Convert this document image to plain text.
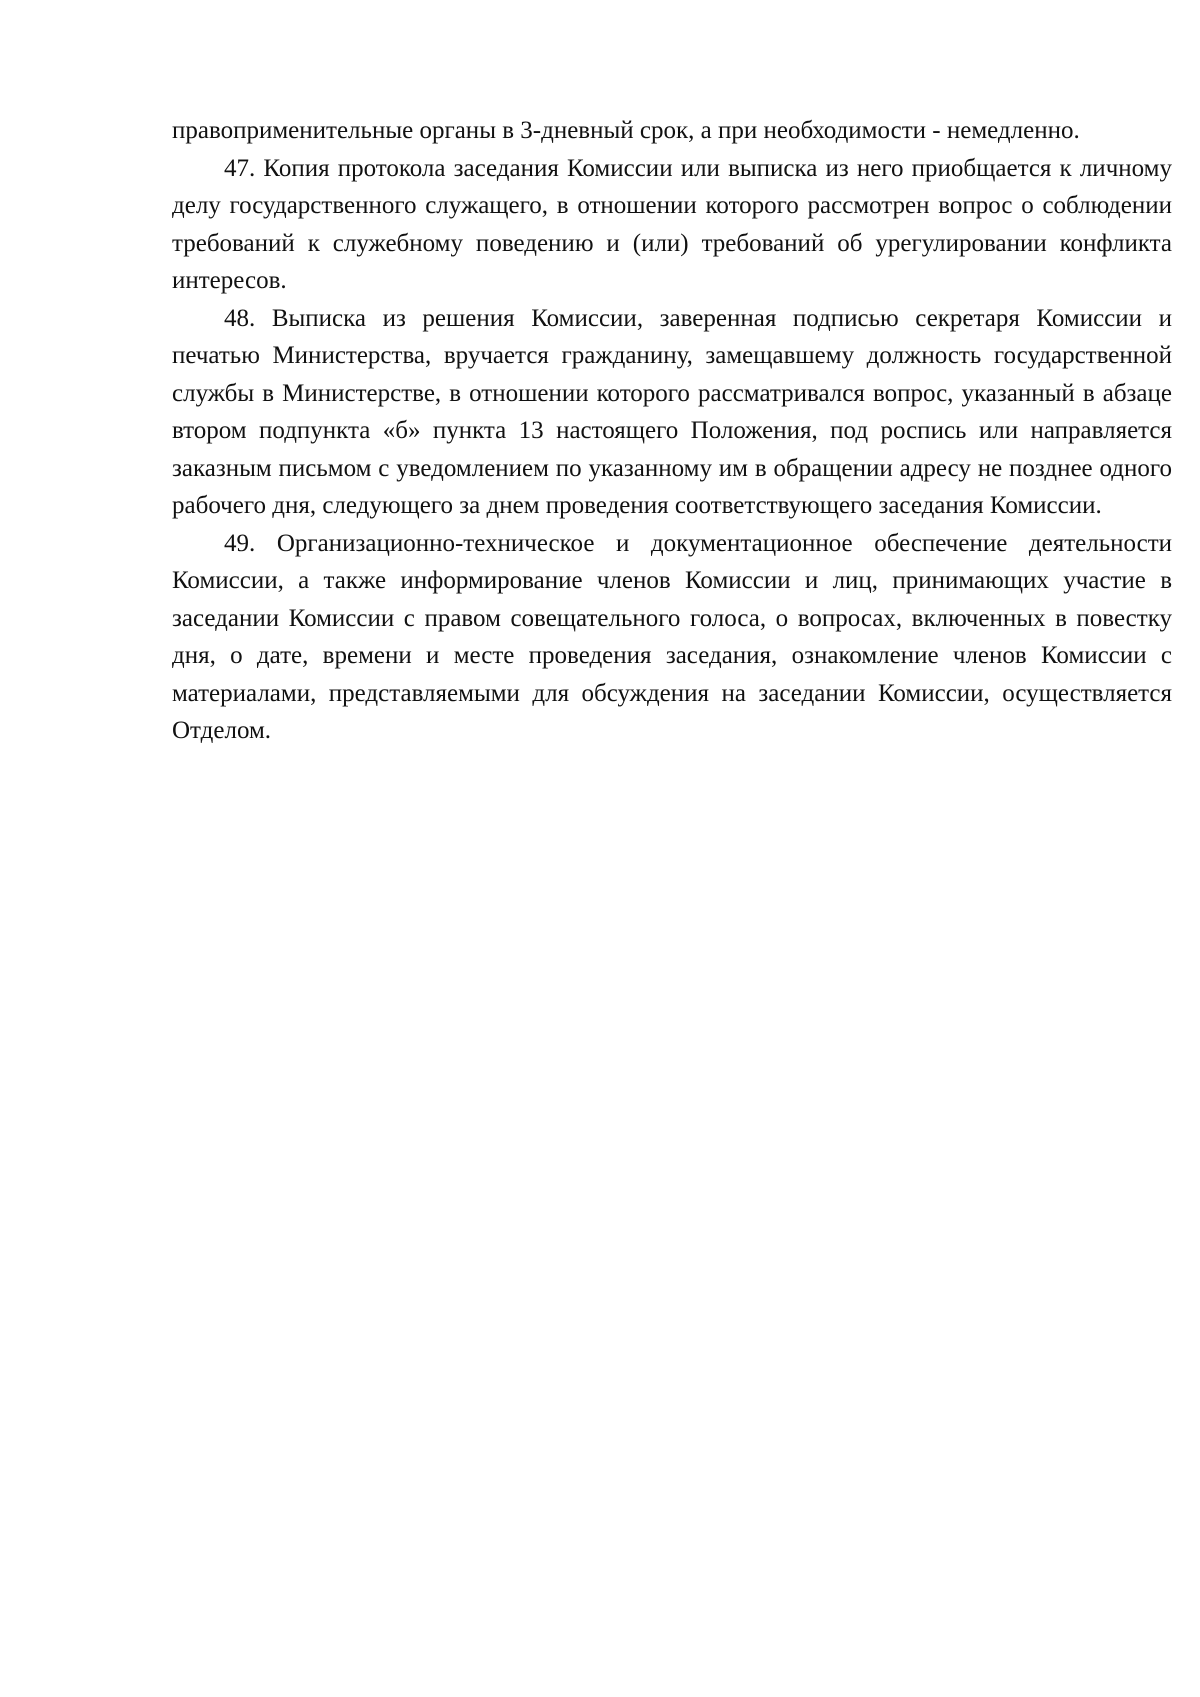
правоприменительные органы в 3-дневный срок, а при необходимости - немедленно.

47. Копия протокола заседания Комиссии или выписка из него приобщается к личному делу государственного служащего, в отношении которого рассмотрен вопрос о соблюдении требований к служебному поведению и (или) требований об урегулировании конфликта интересов.

48. Выписка из решения Комиссии, заверенная подписью секретаря Комиссии и печатью Министерства, вручается гражданину, замещавшему должность государственной службы в Министерстве, в отношении которого рассматривался вопрос, указанный в абзаце втором подпункта «б» пункта 13 настоящего Положения, под роспись или направляется заказным письмом с уведомлением по указанному им в обращении адресу не позднее одного рабочего дня, следующего за днем проведения соответствующего заседания Комиссии.

49. Организационно-техническое и документационное обеспечение деятельности Комиссии, а также информирование членов Комиссии и лиц, принимающих участие в заседании Комиссии с правом совещательного голоса, о вопросах, включенных в повестку дня, о дате, времени и месте проведения заседания, ознакомление членов Комиссии с материалами, представляемыми для обсуждения на заседании Комиссии, осуществляется Отделом.
